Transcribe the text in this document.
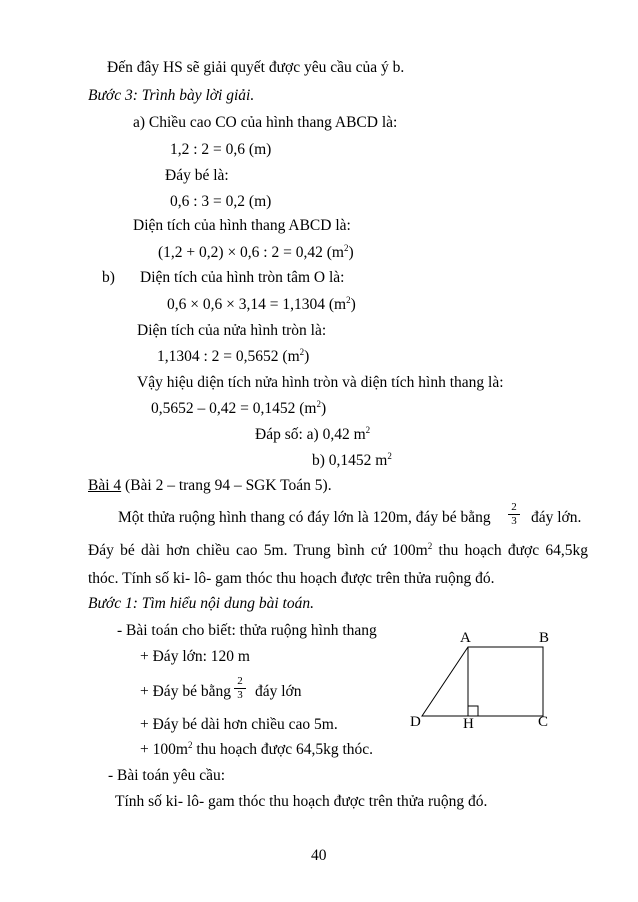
Đến đây HS sẽ giải quyết được yêu cầu của ý b.
Bước 3: Trình bày lời giải.
a) Chiều cao CO của hình thang ABCD là:
1,2 : 2 = 0,6 (m)
Đáy bé là:
0,6 : 3 = 0,2 (m)
Diện tích của hình thang ABCD là:
(1,2 + 0,2) × 0,6 : 2 = 0,42 $(m^2)$
b) Diện tích của hình tròn tâm O là:
0,6 × 0,6 × 3,14 = 1,1304 $(m^2)$
Diện tích của nửa hình tròn là:
1,1304 : 2 = 0,5652 $(m^2)$
Vậy hiệu diện tích nửa hình tròn và diện tích hình thang là:
0,5652 – 0,42 = 0,1452 $(m^2)$
Đáp số: a) 0,42 $m^2$
b) 0,1452 $m^2$
Bài 4 (Bài 2 – trang 94 – SGK Toán 5).
Một thửa ruộng hình thang có đáy lớn là 120m, đáy bé bằng $\frac{2}{3}$ đáy lớn.
Đáy bé dài hơn chiều cao 5m. Trung bình cứ $100m^2$ thu hoạch được 64,5kg
thóc. Tính số ki- lô- gam thóc thu hoạch được trên thửa ruộng đó.
Bước 1: Tìm hiểu nội dung bài toán.
- Bài toán cho biết: thửa ruộng hình thang
+ Đáy lớn: 120 m
+ Đáy bé bằng $\frac{2}{3}$ đáy lớn
+ Đáy bé dài hơn chiều cao 5m.
+ $100m^2$ thu hoạch được 64,5kg thóc.
- Bài toán yêu cầu:
Tính số ki- lô- gam thóc thu hoạch được trên thửa ruộng đó.
A	B
D	H	C
40
